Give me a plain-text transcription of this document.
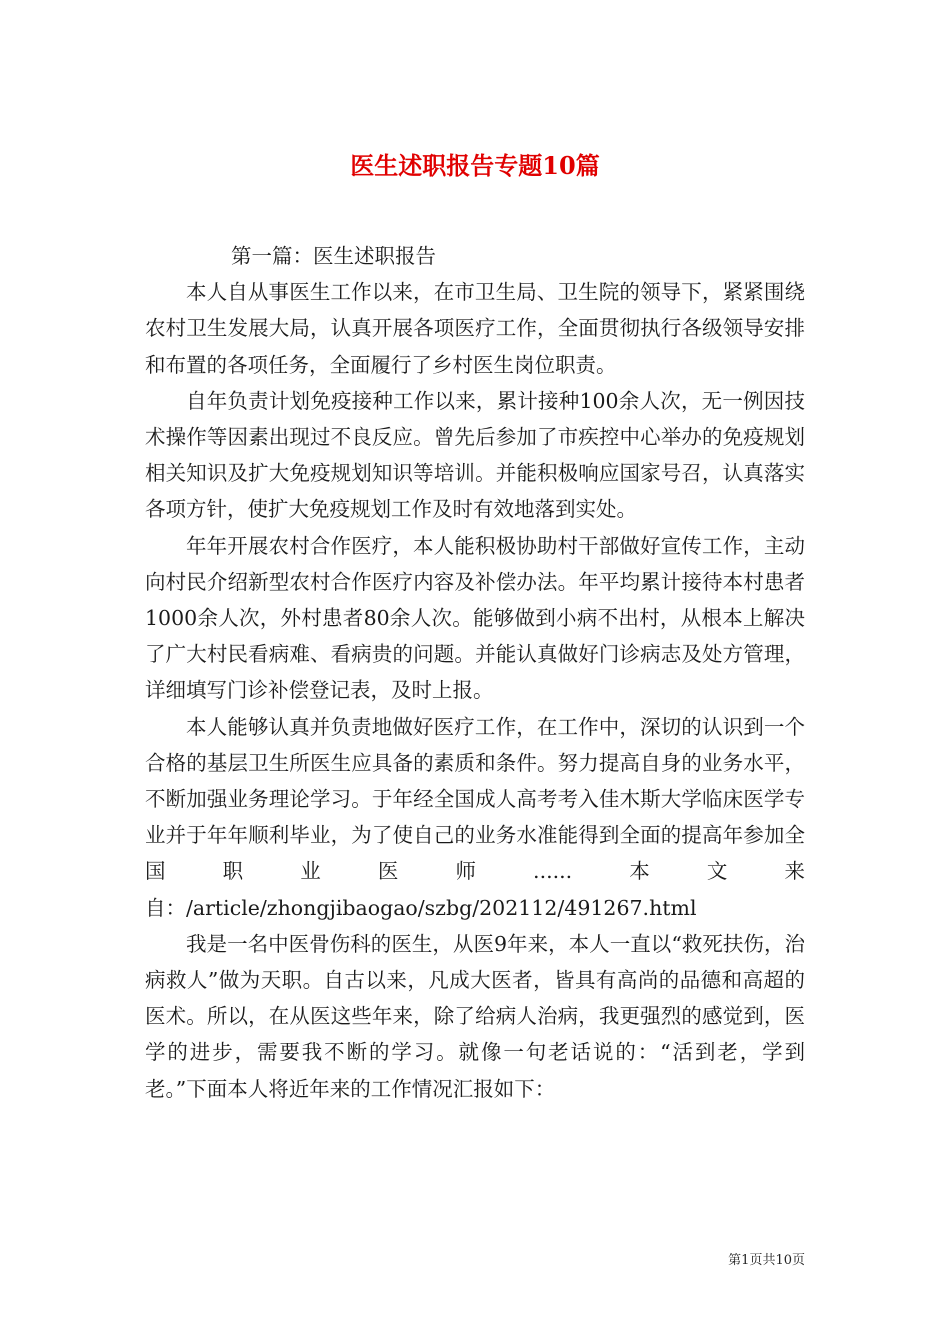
医生述职报告专题10篇

第一篇：医生述职报告

本人自从事医生工作以来，在市卫生局、卫生院的领导下，紧紧围绕农村卫生发展大局，认真开展各项医疗工作，全面贯彻执行各级领导安排和布置的各项任务，全面履行了乡村医生岗位职责。

自年负责计划免疫接种工作以来，累计接种100余人次，无一例因技术操作等因素出现过不良反应。曾先后参加了市疾控中心举办的免疫规划相关知识及扩大免疫规划知识等培训。并能积极响应国家号召，认真落实各项方针，使扩大免疫规划工作及时有效地落到实处。

年年开展农村合作医疗，本人能积极协助村干部做好宣传工作，主动向村民介绍新型农村合作医疗内容及补偿办法。年平均累计接待本村患者1000余人次，外村患者80余人次。能够做到小病不出村，从根本上解决了广大村民看病难、看病贵的问题。并能认真做好门诊病志及处方管理，详细填写门诊补偿登记表，及时上报。

本人能够认真并负责地做好医疗工作，在工作中，深切的认识到一个合格的基层卫生所医生应具备的素质和条件。努力提高自身的业务水平，不断加强业务理论学习。于年经全国成人高考考入佳木斯大学临床医学专业并于年年顺利毕业，为了使自己的业务水准能得到全面的提高年参加全国职业医师......本文来自：/article/zhongjibaogao/szbg/202112/491267.html

我是一名中医骨伤科的医生，从医9年来，本人一直以“救死扶伤，治病救人”做为天职。自古以来，凡成大医者，皆具有高尚的品德和高超的医术。所以，在从医这些年来，除了给病人治病，我更强烈的感觉到，医学的进步，需要我不断的学习。就像一句老话说的：“活到老，学到老。”下面本人将近年来的工作情况汇报如下：

第1页共10页
